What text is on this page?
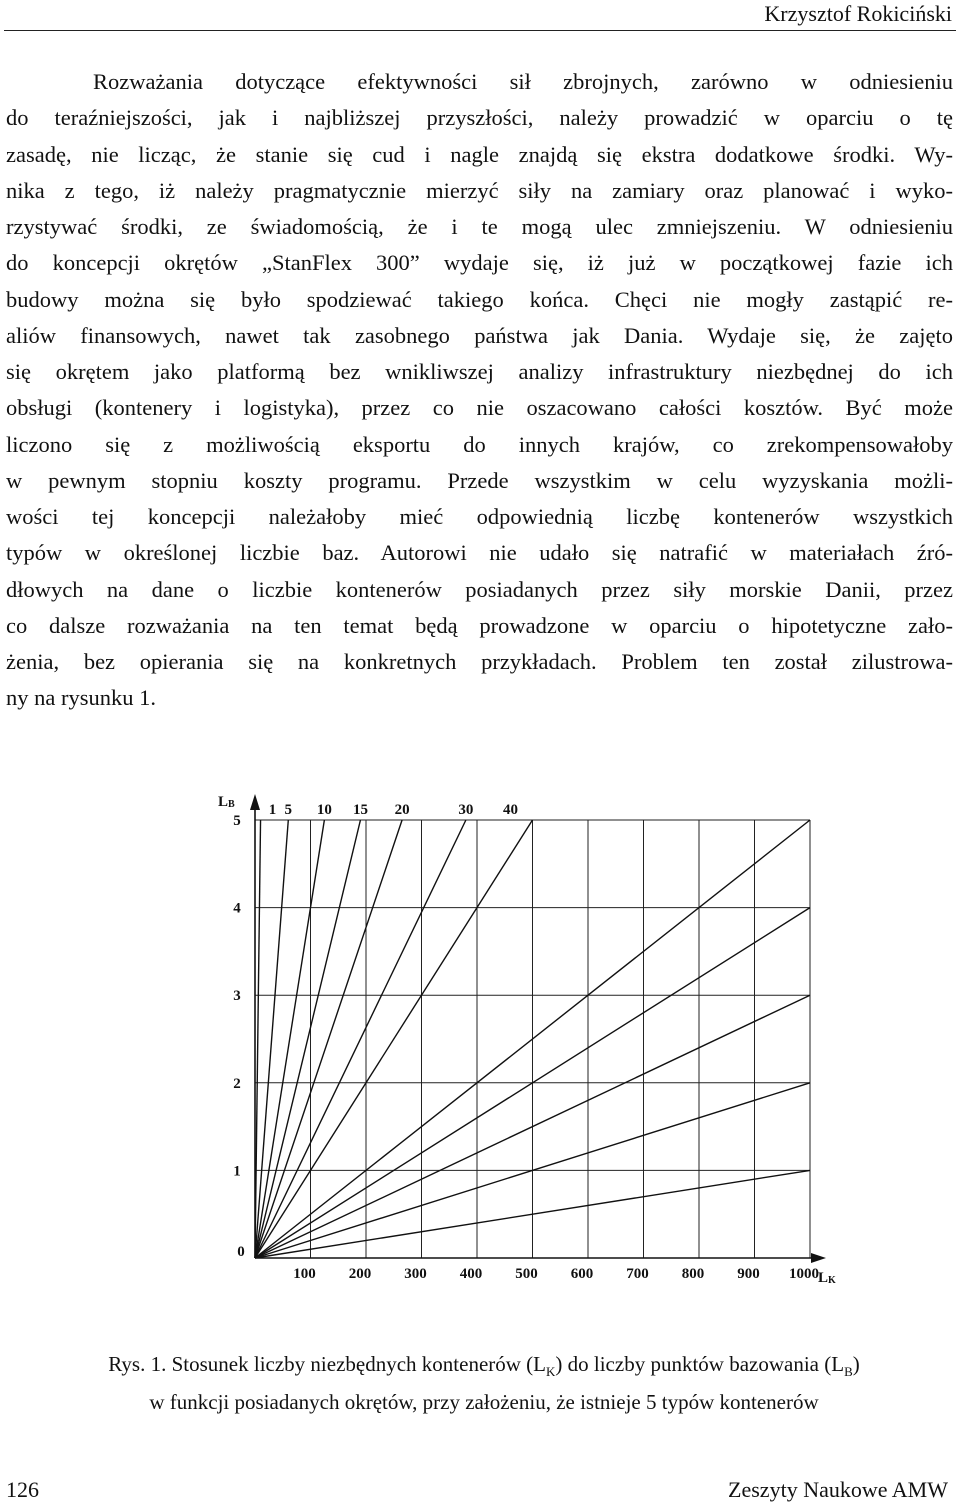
Krzysztof Rokiciński
Rozważania dotyczące efektywności sił zbrojnych, zarówno w odniesieniu
do teraźniejszości, jak i najbliższej przyszłości, należy prowadzić w oparciu o tę
zasadę, nie licząc, że stanie się cud i nagle znajdą się ekstra dodatkowe środki. Wy-
nika z tego, iż należy pragmatycznie mierzyć siły na zamiary oraz planować i wyko-
rzystywać środki, ze świadomością, że i te mogą ulec zmniejszeniu. W odniesieniu
do koncepcji okrętów „StanFlex 300” wydaje się, iż już w początkowej fazie ich
budowy można się było spodziewać takiego końca. Chęci nie mogły zastąpić re-
aliów finansowych, nawet tak zasobnego państwa jak Dania. Wydaje się, że zajęto
się okrętem jako platformą bez wnikliwszej analizy infrastruktury niezbędnej do ich
obsługi (kontenery i logistyka), przez co nie oszacowano całości kosztów. Być może
liczono się z możliwością eksportu do innych krajów, co zrekompensowałoby
w pewnym stopniu koszty programu. Przede wszystkim w celu wyzyskania możli-
wości tej koncepcji należałoby mieć odpowiednią liczbę kontenerów wszystkich
typów w określonej liczbie baz. Autorowi nie udało się natrafić w materiałach źró-
dłowych na dane o liczbie kontenerów posiadanych przez siły morskie Danii, przez
co dalsze rozważania na ten temat będą prowadzone w oparciu o hipotetyczne zało-
żenia, bez opierania się na konkretnych przykładach. Problem ten został zilustrowa-
ny na rysunku 1.
1 5 10 15 20	30 40
1
2
3
4
5
100 200 300 400 500 600 700 800 900 1000
0
LB
LK
Rys. 1. Stosunek liczby niezbędnych kontenerów $(L_K)$ do liczby punktów bazowania $(L_B)$
w funkcji posiadanych okrętów, przy założeniu, że istnieje 5 typów kontenerów
126	Zeszyty Naukowe AMW
